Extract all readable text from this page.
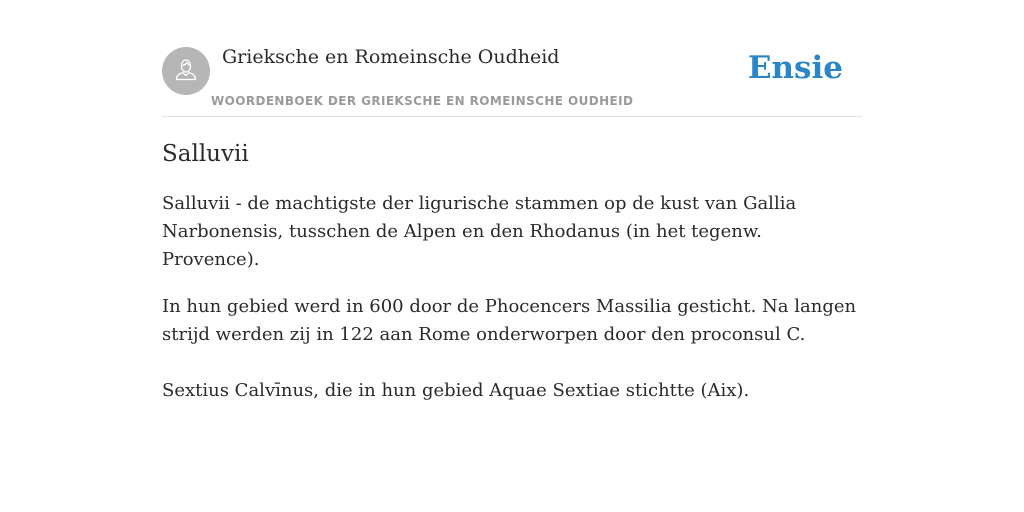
Grieksche en Romeinsche Oudheid
WOORDENBOEK DER GRIEKSCHE EN ROMEINSCHE OUDHEID
Ensie
Salluvii

Salluvii - de machtigste der ligurische stammen op de kust van Gallia Narbonensis, tusschen de Alpen en den Rhodanus (in het tegenw. Provence).

In hun gebied werd in 600 door de Phocencers Massilia gesticht. Na langen strijd werden zij in 122 aan Rome onderworpen door den proconsul C.

Sextius Calvīnus, die in hun gebied Aquae Sextiae stichtte (Aix).
